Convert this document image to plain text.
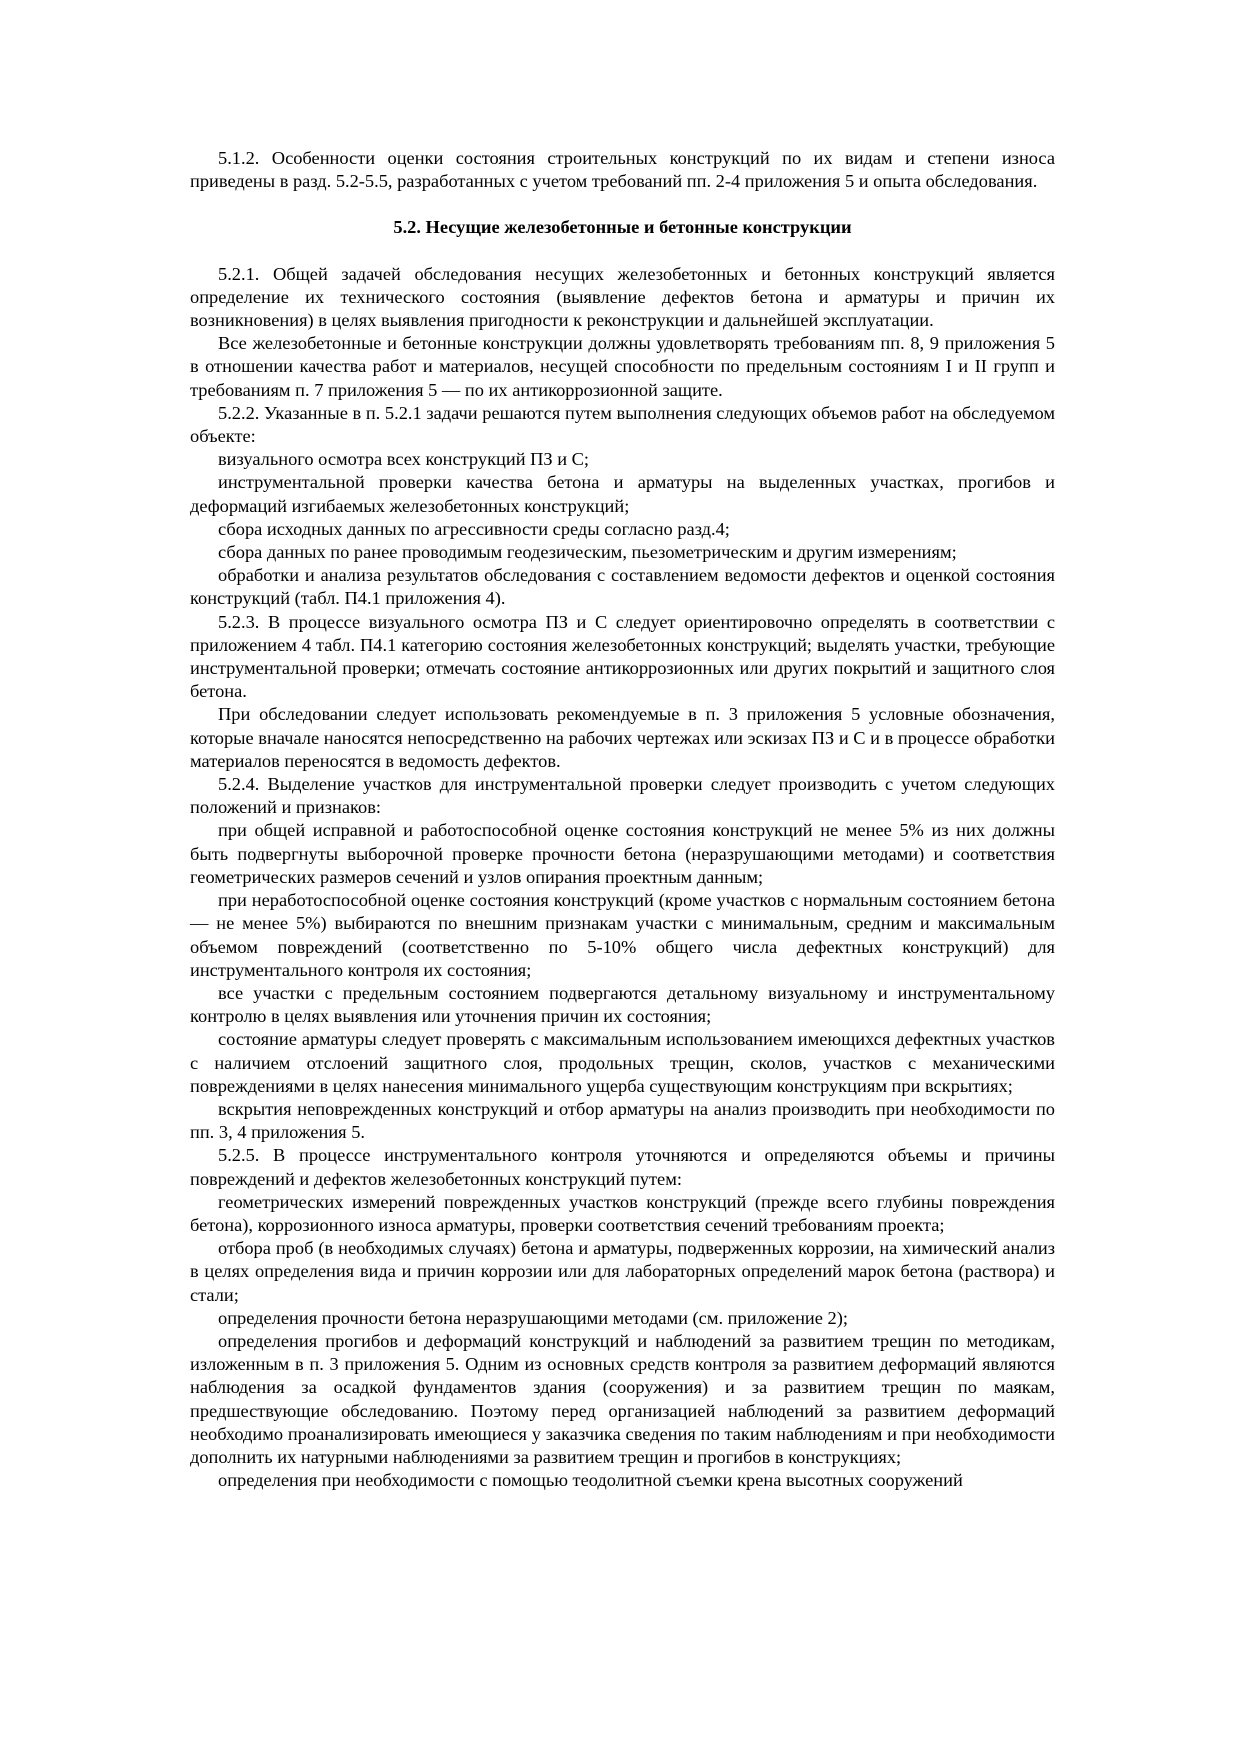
5.1.2. Особенности оценки состояния строительных конструкций по их видам и степени износа приведены в разд. 5.2-5.5, разработанных с учетом требований пп. 2-4 приложения 5 и опыта обследования.

5.2. Несущие железобетонные и бетонные конструкции

5.2.1. Общей задачей обследования несущих железобетонных и бетонных конструкций является определение их технического состояния (выявление дефектов бетона и арматуры и причин их возникновения) в целях выявления пригодности к реконструкции и дальнейшей эксплуатации.

Все железобетонные и бетонные конструкции должны удовлетворять требованиям пп. 8, 9 приложения 5 в отношении качества работ и материалов, несущей способности по предельным состояниям I и II групп и требованиям п. 7 приложения 5 — по их антикоррозионной защите.

5.2.2. Указанные в п. 5.2.1 задачи решаются путем выполнения следующих объемов работ на обследуемом объекте:

визуального осмотра всех конструкций ПЗ и С;

инструментальной проверки качества бетона и арматуры на выделенных участках, прогибов и деформаций изгибаемых железобетонных конструкций;

сбора исходных данных по агрессивности среды согласно разд.4;

сбора данных по ранее проводимым геодезическим, пьезометрическим и другим измерениям;

обработки и анализа результатов обследования с составлением ведомости дефектов и оценкой состояния конструкций (табл. П4.1 приложения 4).

5.2.3. В процессе визуального осмотра ПЗ и С следует ориентировочно определять в соответствии с приложением 4 табл. П4.1 категорию состояния железобетонных конструкций; выделять участки, требующие инструментальной проверки; отмечать состояние антикоррозионных или других покрытий и защитного слоя бетона.

При обследовании следует использовать рекомендуемые в п. 3 приложения 5 условные обозначения, которые вначале наносятся непосредственно на рабочих чертежах или эскизах ПЗ и С и в процессе обработки материалов переносятся в ведомость дефектов.

5.2.4. Выделение участков для инструментальной проверки следует производить с учетом следующих положений и признаков:

при общей исправной и работоспособной оценке состояния конструкций не менее 5% из них должны быть подвергнуты выборочной проверке прочности бетона (неразрушающими методами) и соответствия геометрических размеров сечений и узлов опирания проектным данным;

при неработоспособной оценке состояния конструкций (кроме участков с нормальным состоянием бетона — не менее 5%) выбираются по внешним признакам участки с минимальным, средним и максимальным объемом повреждений (соответственно по 5-10% общего числа дефектных конструкций) для инструментального контроля их состояния;

все участки с предельным состоянием подвергаются детальному визуальному и инструментальному контролю в целях выявления или уточнения причин их состояния;

состояние арматуры следует проверять с максимальным использованием имеющихся дефектных участков с наличием отслоений защитного слоя, продольных трещин, сколов, участков с механическими повреждениями в целях нанесения минимального ущерба существующим конструкциям при вскрытиях;

вскрытия неповрежденных конструкций и отбор арматуры на анализ производить при необходимости по пп. 3, 4 приложения 5.

5.2.5. В процессе инструментального контроля уточняются и определяются объемы и причины повреждений и дефектов железобетонных конструкций путем:

геометрических измерений поврежденных участков конструкций (прежде всего глубины повреждения бетона), коррозионного износа арматуры, проверки соответствия сечений требованиям проекта;

отбора проб (в необходимых случаях) бетона и арматуры, подверженных коррозии, на химический анализ в целях определения вида и причин коррозии или для лабораторных определений марок бетона (раствора) и стали;

определения прочности бетона неразрушающими методами (см. приложение 2);

определения прогибов и деформаций конструкций и наблюдений за развитием трещин по методикам, изложенным в п. 3 приложения 5. Одним из основных средств контроля за развитием деформаций являются наблюдения за осадкой фундаментов здания (сооружения) и за развитием трещин по маякам, предшествующие обследованию. Поэтому перед организацией наблюдений за развитием деформаций необходимо проанализировать имеющиеся у заказчика сведения по таким наблюдениям и при необходимости дополнить их натурными наблюдениями за развитием трещин и прогибов в конструкциях;

определения при необходимости с помощью теодолитной съемки крена высотных сооружений
